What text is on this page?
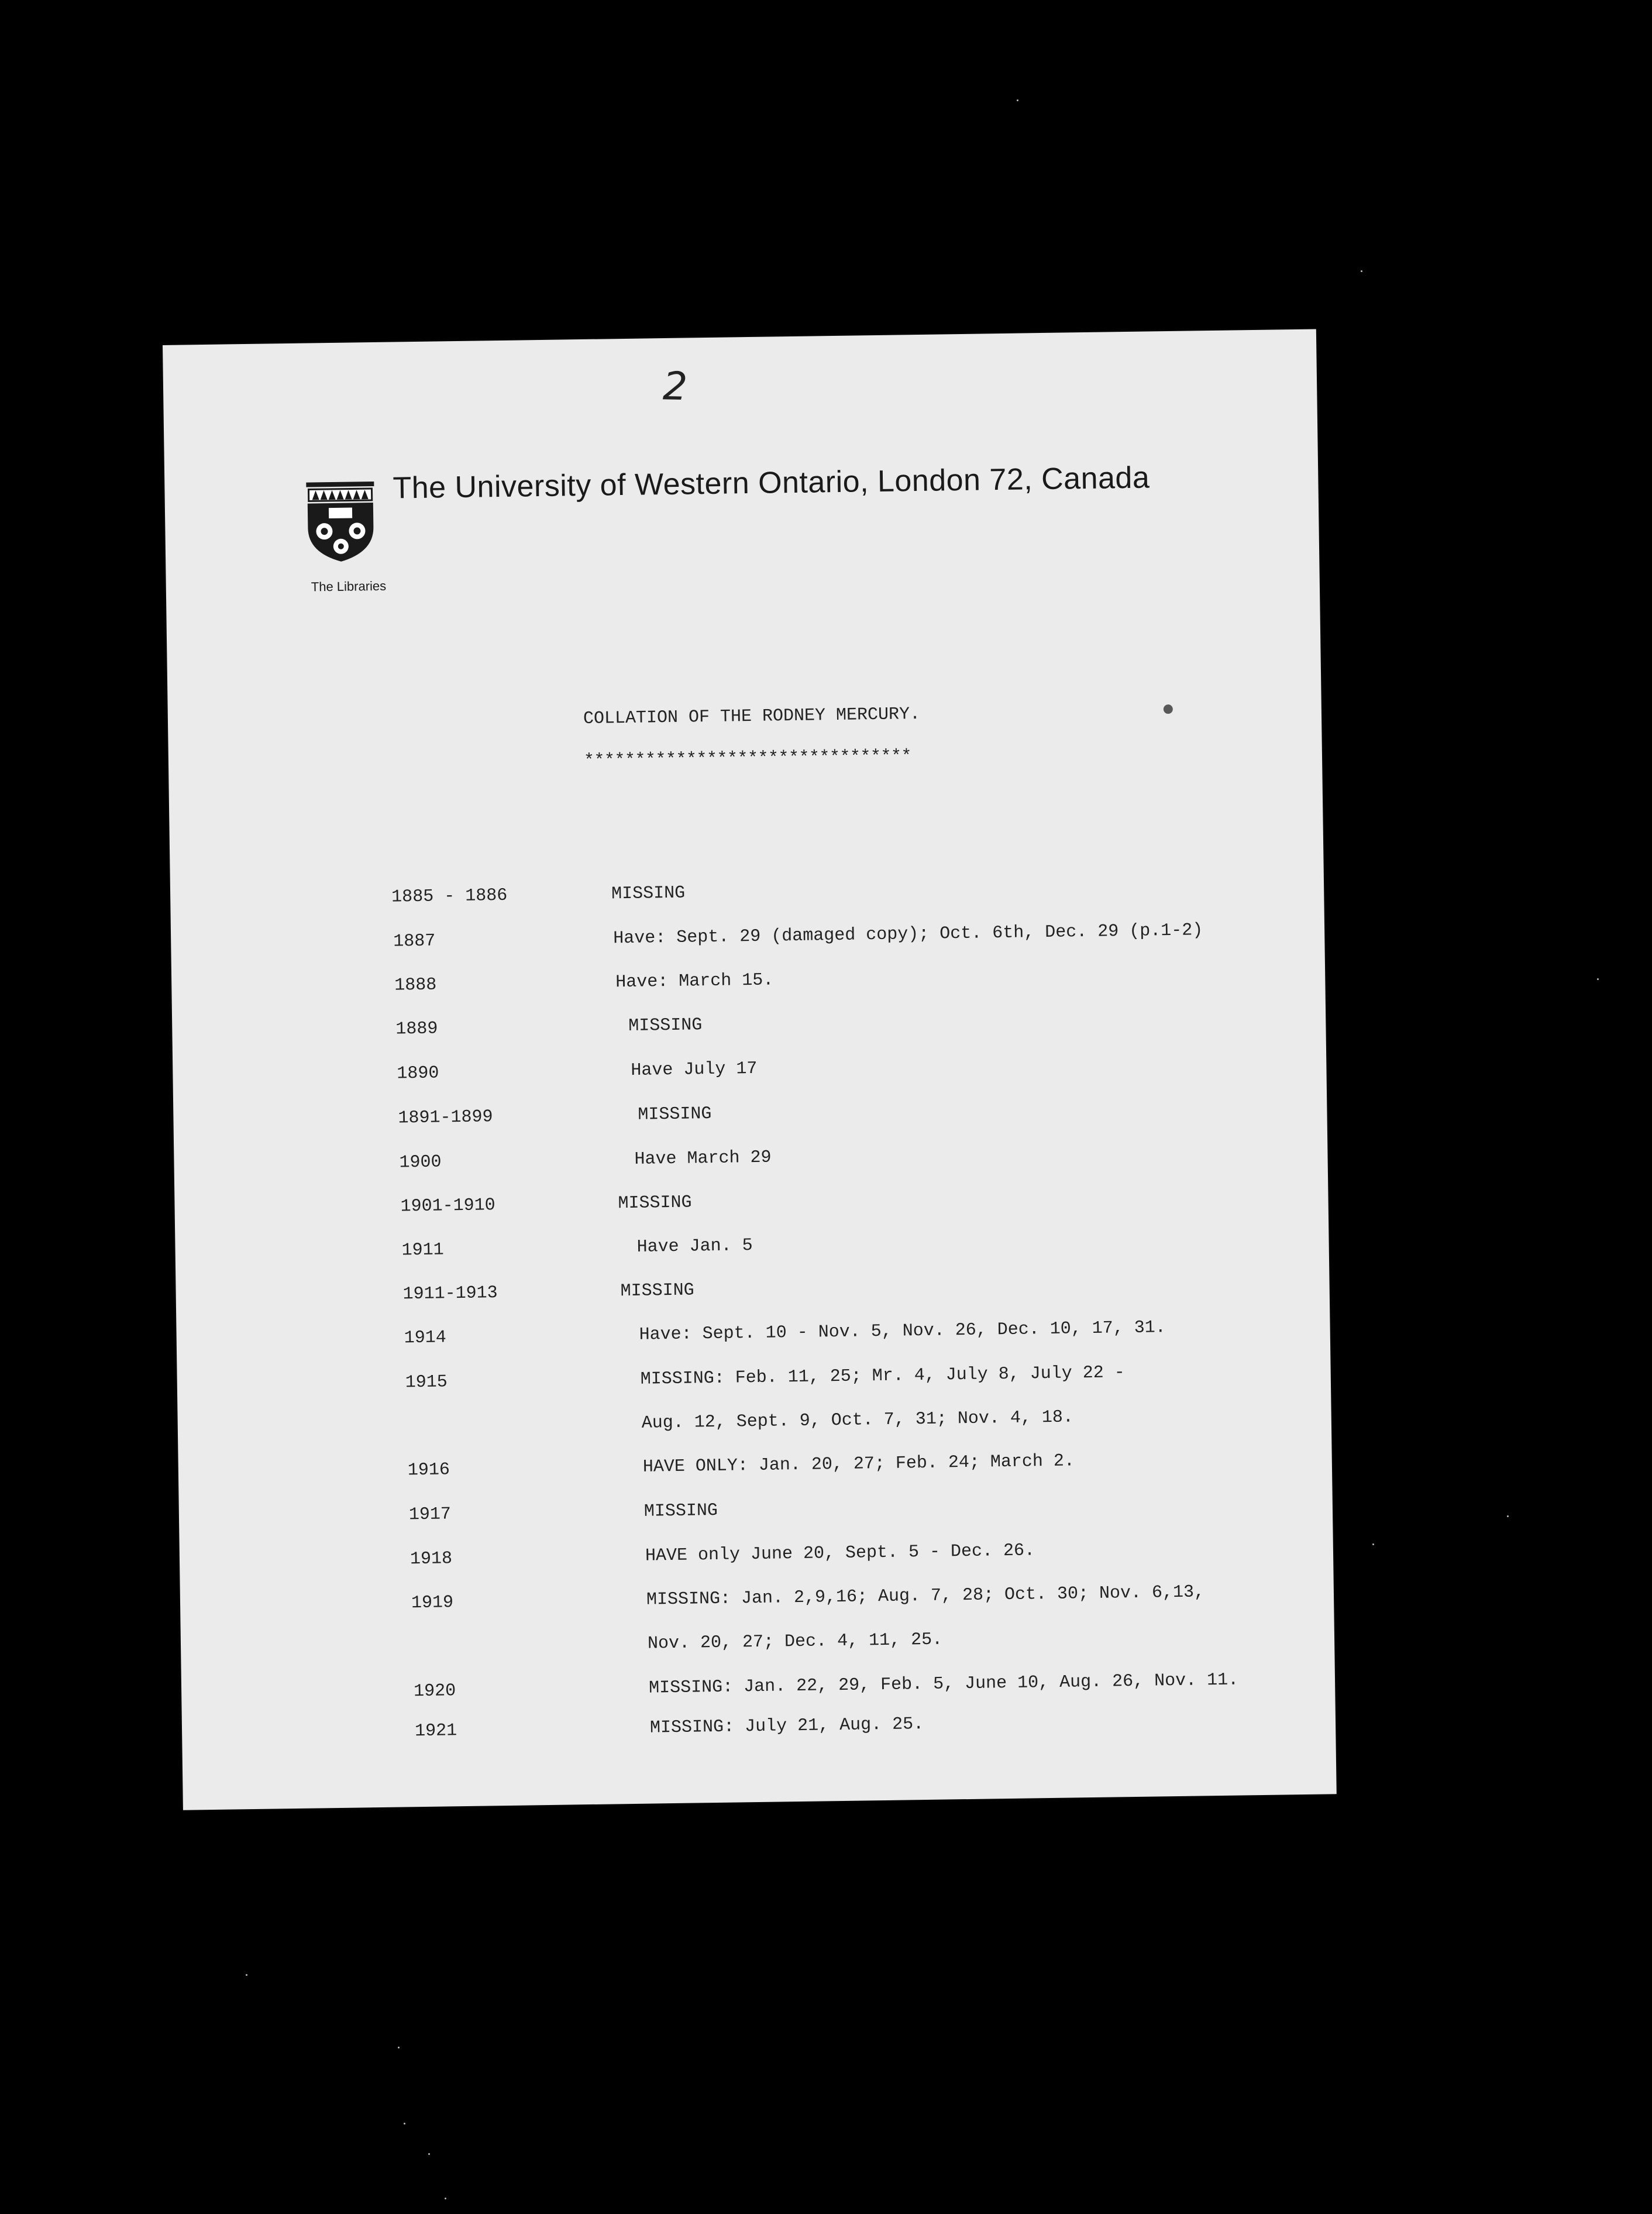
2
The University of Western Ontario, London 72, Canada
The Libraries
COLLATION OF THE RODNEY MERCURY.
********************************
1885 - 1886	MISSING
1887	Have: Sept. 29 (damaged copy); Oct. 6th, Dec. 29 (p.1-2)
1888	Have: March 15.
1889	MISSING
1890	Have July 17
1891-1899	MISSING
1900	Have March 29
1901-1910	MISSING
1911	Have Jan. 5
1911-1913	MISSING
1914	Have: Sept. 10 - Nov. 5, Nov. 26, Dec. 10, 17, 31.
1915	MISSING: Feb. 11, 25; Mr. 4, July 8, July 22 -
Aug. 12, Sept. 9, Oct. 7, 31; Nov. 4, 18.
1916	HAVE ONLY: Jan. 20, 27; Feb. 24; March 2.
1917	MISSING
1918	HAVE only June 20, Sept. 5 - Dec. 26.
1919	MISSING: Jan. 2,9,16; Aug. 7, 28; Oct. 30; Nov. 6,13,
Nov. 20, 27; Dec. 4, 11, 25.
1920	MISSING: Jan. 22, 29, Feb. 5, June 10, Aug. 26, Nov. 11.
1921	MISSING: July 21, Aug. 25.
